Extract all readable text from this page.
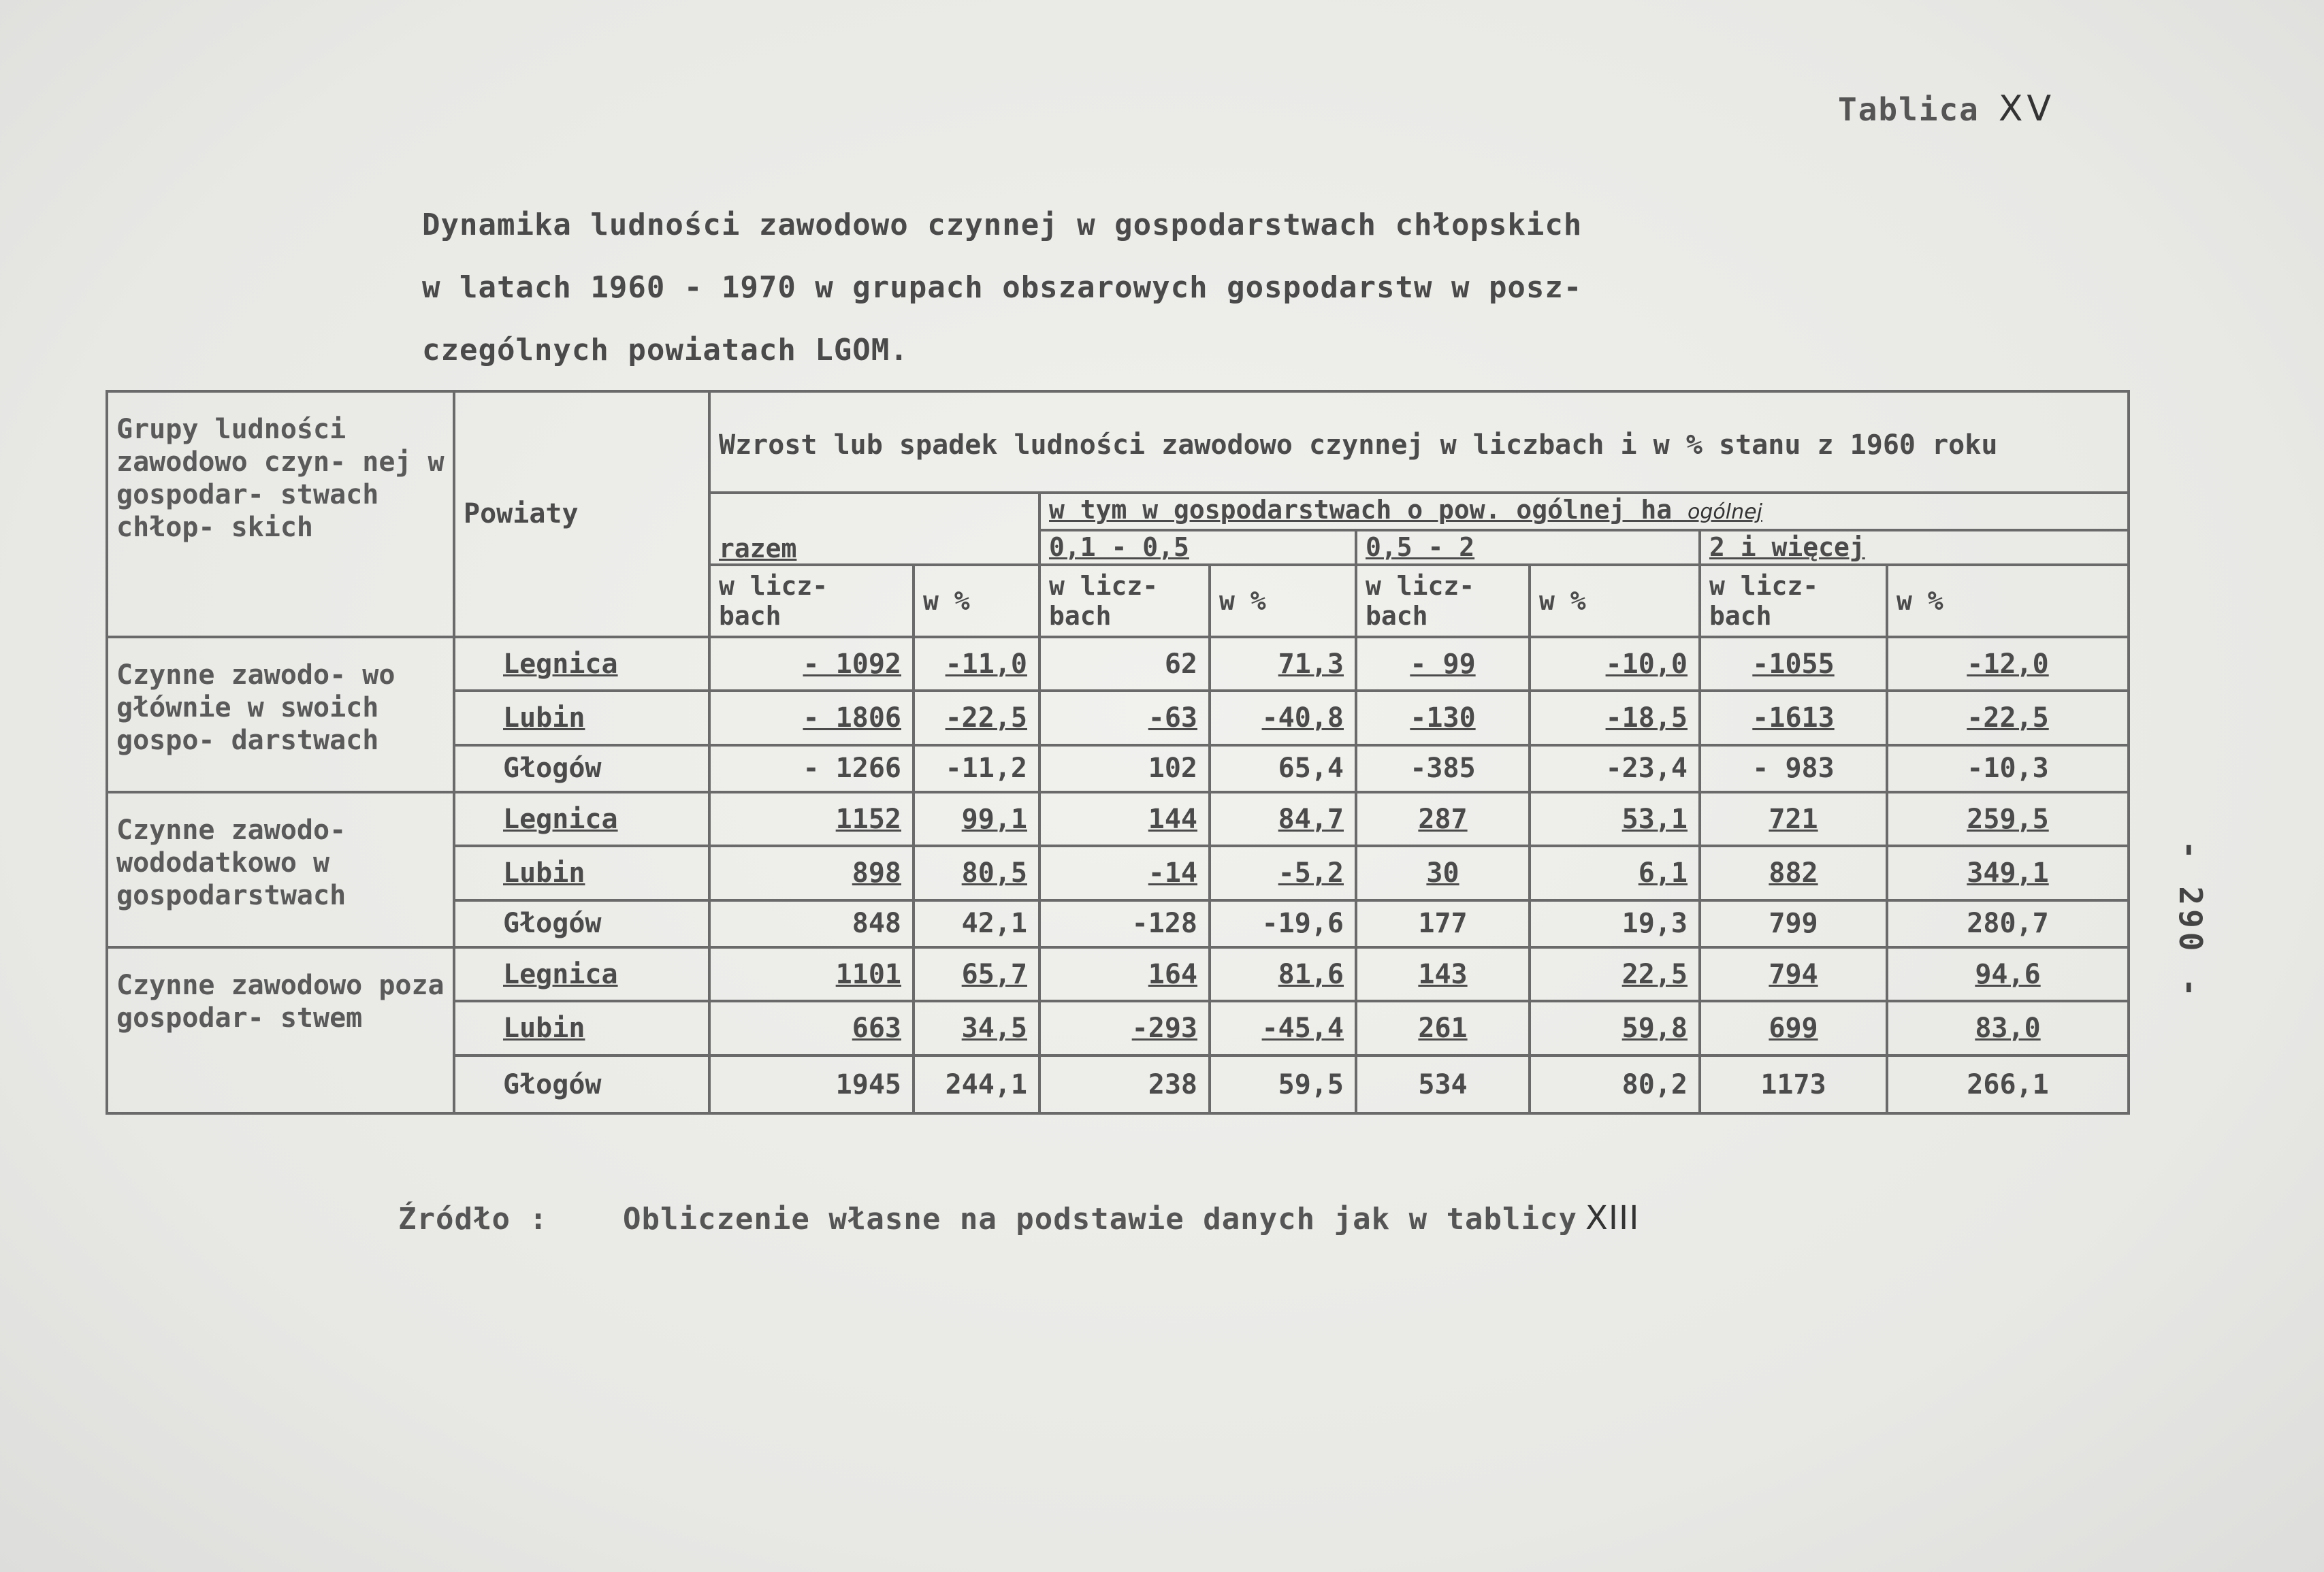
Tablica XV
Dynamika ludności zawodowo czynnej w gospodarstwach chłopskich
w latach 1960 - 1970 w grupach obszarowych gospodarstw w posz-
czególnych powiatach LGOM.
Grupy ludności zawodowo czyn- nej w gospodar- stwach chłop- skich	Powiaty	Wzrost lub spadek ludności zawodowo czynnej w liczbach i w % stanu z 1960 roku							
		razem		w tym w gospodarstwach o pow. ogólnej ha ogólnej					
				0,1 - 0,5		0,5 - 2		2 i więcej	
		w licz- bach	w %	w licz- bach	w %	w licz- bach	w %	w licz- bach	w %
Czynne zawodo- wo głównie w swoich gospo- darstwach	Legnica	- 1092	-11,0	62	71,3	- 99	-10,0	-1055	-12,0
	Lubin	- 1806	-22,5	-63	-40,8	-130	-18,5	-1613	-22,5
	Głogów	- 1266	-11,2	102	65,4	-385	-23,4	- 983	-10,3
Czynne zawodo- wododatkowo w gospodarstwach	Legnica	1152	99,1	144	84,7	287	53,1	721	259,5
	Lubin	898	80,5	-14	-5,2	30	6,1	882	349,1
	Głogów	848	42,1	-128	-19,6	177	19,3	799	280,7
Czynne zawodowo poza gospodar- stwem	Legnica	1101	65,7	164	81,6	143	22,5	794	94,6
	Lubin	663	34,5	-293	-45,4	261	59,8	699	83,0
	Głogów	1945	244,1	238	59,5	534	80,2	1173	266,1
Źródło :	Obliczenie własne na podstawie danych jak w tablicy XIII
- 290 -
